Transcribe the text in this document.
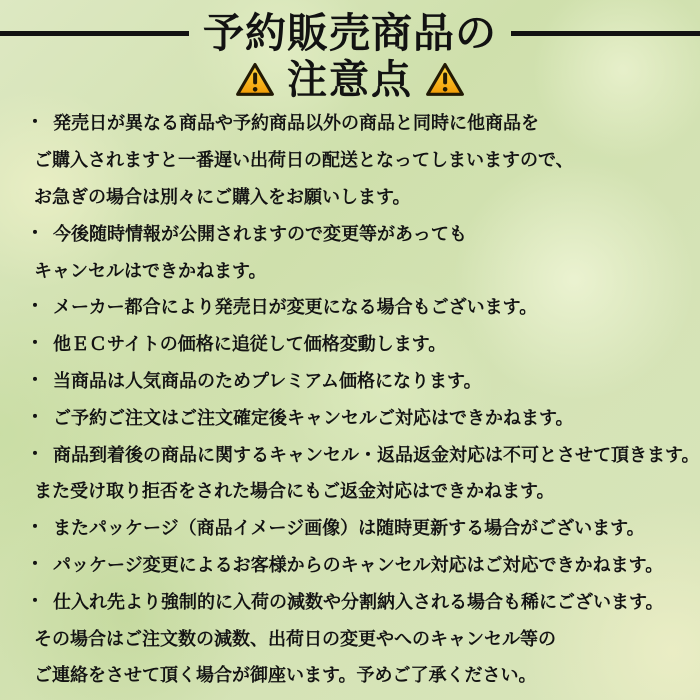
予約販売商品の
注意点
・ 発売日が異なる商品や予約商品以外の商品と同時に他商品を
ご購入されますと一番遅い出荷日の配送となってしまいますので、
お急ぎの場合は別々にご購入をお願いします。
・ 今後随時情報が公開されますので変更等があっても
キャンセルはできかねます。
・ メーカー都合により発売日が変更になる場合もございます。
・ 他ＥＣサイトの価格に追従して価格変動します。
・ 当商品は人気商品のためプレミアム価格になります。
・ ご予約ご注文はご注文確定後キャンセルご対応はできかねます。
・ 商品到着後の商品に関するキャンセル・返品返金対応は不可とさせて頂きます。
また受け取り拒否をされた場合にもご返金対応はできかねます。
・ またパッケージ（商品イメージ画像）は随時更新する場合がございます。
・ パッケージ変更によるお客様からのキャンセル対応はご対応できかねます。
・ 仕入れ先より強制的に入荷の減数や分割納入される場合も稀にございます。
その場合はご注文数の減数、出荷日の変更やへのキャンセル等の
ご連絡をさせて頂く場合が御座います。予めご了承ください。
